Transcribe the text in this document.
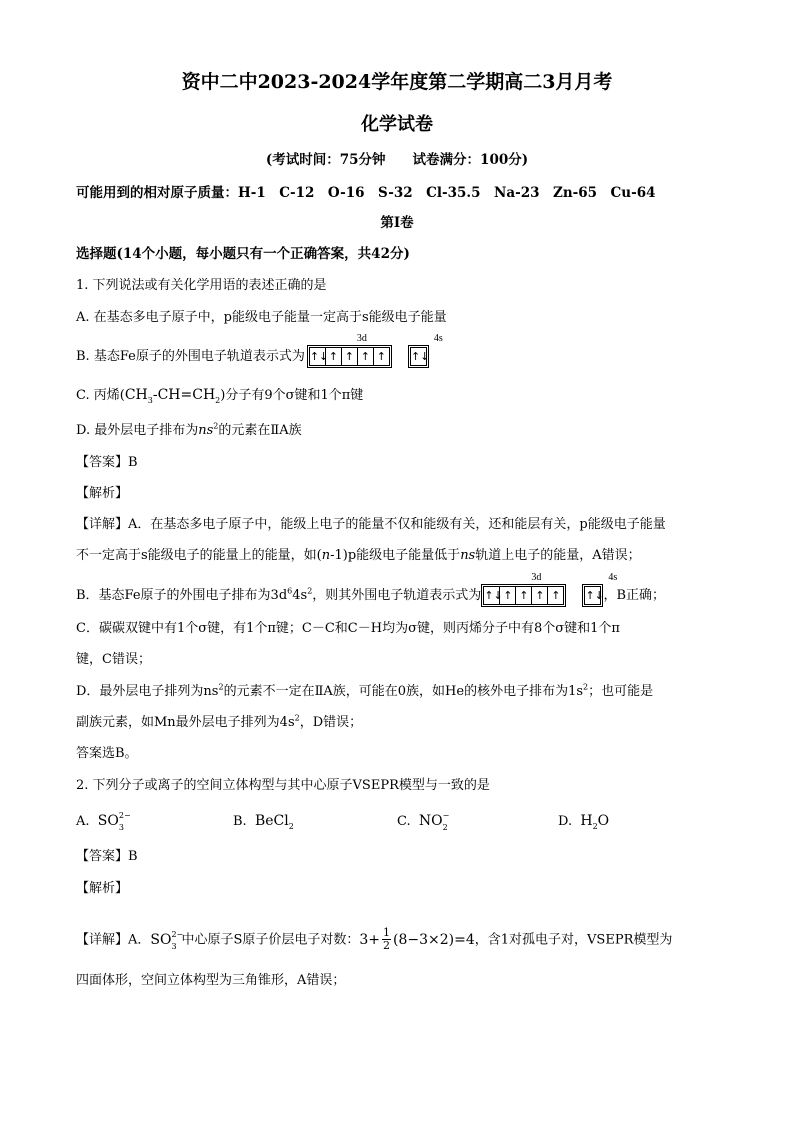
资中二中2023-2024学年度第二学期高二3月月考
化学试卷
(考试时间：75分钟　　试卷满分：100分)
可能用到的相对原子质量：H-1　C-12　O-16　S-32　Cl-35.5　Na-23　Zn-65　Cu-64
第Ⅰ卷
选择题(14个小题，每小题只有一个正确答案，共42分)
1. 下列说法或有关化学用语的表述正确的是
A. 在基态多电子原子中，p能级电子能量一定高于s能级电子能量
B. 基态Fe原子的外围电子轨道表示式为
3d	4s
↑↓↑ ↑ ↑ ↑ ↑↓
C. 丙烯$(CH_3-CH=CH_2)$分子有9个σ键和1个π键
D. 最外层电子排布为$ns^2$的元素在ⅡA族
【答案】B
【解析】
【详解】A．在基态多电子原子中，能级上电子的能量不仅和能级有关，还和能层有关，p能级电子能量
不一定高于s能级电子的能量上的能量，如(n-1)p能级电子能量低于ns轨道上电子的能量，A错误；
B．基态Fe原子的外围电子排布为$3d^64s^2$，则其外围电子轨道表示式为
3d	4s
↑↓↑ ↑ ↑ ↑ ↑↓，B正确；
C．碳碳双键中有1个σ键，有1个π键；C－C和C－H均为σ键，则丙烯分子中有8个σ键和1个π
键，C错误；
D．最外层电子排列为$ns^2$的元素不一定在ⅡA族，可能在0族，如He的核外电子排布为$1s^2$；也可能是
副族元素，如Mn最外层电子排列为$4s^2$，D错误；
答案选B。
2. 下列分子或离子的空间立体构型与其中心原子VSEPR模型与一致的是
A. SO 2−
3	B. BeCl$_2$	C. NO −
2	D. $H_2O$
【答案】B
【解析】
【详解】A．SO 2−
3 中心原子S原子价层电子对数：$3+ \frac{1}{2} (8-3\times 2)=4$，含1对孤电子对，VSEPR模型为
四面体形，空间立体构型为三角锥形，A错误；
